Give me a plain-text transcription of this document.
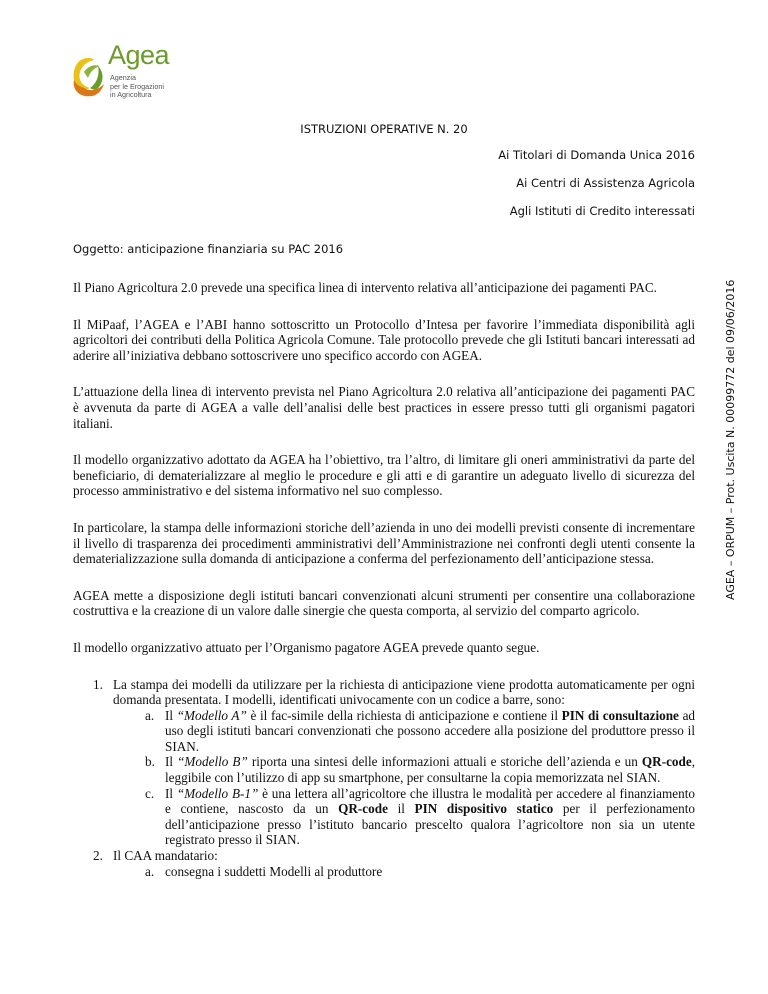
Agea
Agenzia
per le Erogazioni
in Agricoltura
ISTRUZIONI OPERATIVE N. 20
Ai Titolari di Domanda Unica 2016
Ai Centri di Assistenza Agricola
Agli Istituti di Credito interessati
Oggetto: anticipazione finanziaria su PAC 2016

Il Piano Agricoltura 2.0 prevede una specifica linea di intervento relativa all’anticipazione dei pagamenti PAC.

Il MiPaaf, l’AGEA e l’ABI hanno sottoscritto un Protocollo d’Intesa per favorire l’immediata disponibilità agli agricoltori dei contributi della Politica Agricola Comune. Tale protocollo prevede che gli Istituti bancari interessati ad aderire all’iniziativa debbano sottoscrivere uno specifico accordo con AGEA.

L’attuazione della linea di intervento prevista nel Piano Agricoltura 2.0 relativa all’anticipazione dei pagamenti PAC è avvenuta da parte di AGEA a valle dell’analisi delle best practices in essere presso tutti gli organismi pagatori italiani.

Il modello organizzativo adottato da AGEA ha l’obiettivo, tra l’altro, di limitare gli oneri amministrativi da parte del beneficiario, di dematerializzare al meglio le procedure e gli atti e di garantire un adeguato livello di sicurezza del processo amministrativo e del sistema informativo nel suo complesso.

In particolare, la stampa delle informazioni storiche dell’azienda in uno dei modelli previsti consente di incrementare il livello di trasparenza dei procedimenti amministrativi dell’Amministrazione nei confronti degli utenti consente la dematerializzazione sulla domanda di anticipazione a conferma del perfezionamento dell’anticipazione stessa.

AGEA mette a disposizione degli istituti bancari convenzionati alcuni strumenti per consentire una collaborazione costruttiva e la creazione di un valore dalle sinergie che questa comporta, al servizio del comparto agricolo.

Il modello organizzativo attuato per l’Organismo pagatore AGEA prevede quanto segue.

1. La stampa dei modelli da utilizzare per la richiesta di anticipazione viene prodotta automaticamente per ogni domanda presentata. I modelli, identificati univocamente con un codice a barre, sono:
a. Il “Modello A” è il fac-simile della richiesta di anticipazione e contiene il PIN di consultazione ad uso degli istituti bancari convenzionati che possono accedere alla posizione del produttore presso il SIAN.
b. Il “Modello B” riporta una sintesi delle informazioni attuali e storiche dell’azienda e un QR-code, leggibile con l’utilizzo di app su smartphone, per consultarne la copia memorizzata nel SIAN.
c. Il “Modello B-1” è una lettera all’agricoltore che illustra le modalità per accedere al finanziamento e contiene, nascosto da un QR-code il PIN dispositivo statico per il perfezionamento dell’anticipazione presso l’istituto bancario prescelto qualora l’agricoltore non sia un utente registrato presso il SIAN.
2. Il CAA mandatario:
a. consegna i suddetti Modelli al produttore
AGEA – ORPUM – Prot. Uscita N. 00099772 del 09/06/2016
